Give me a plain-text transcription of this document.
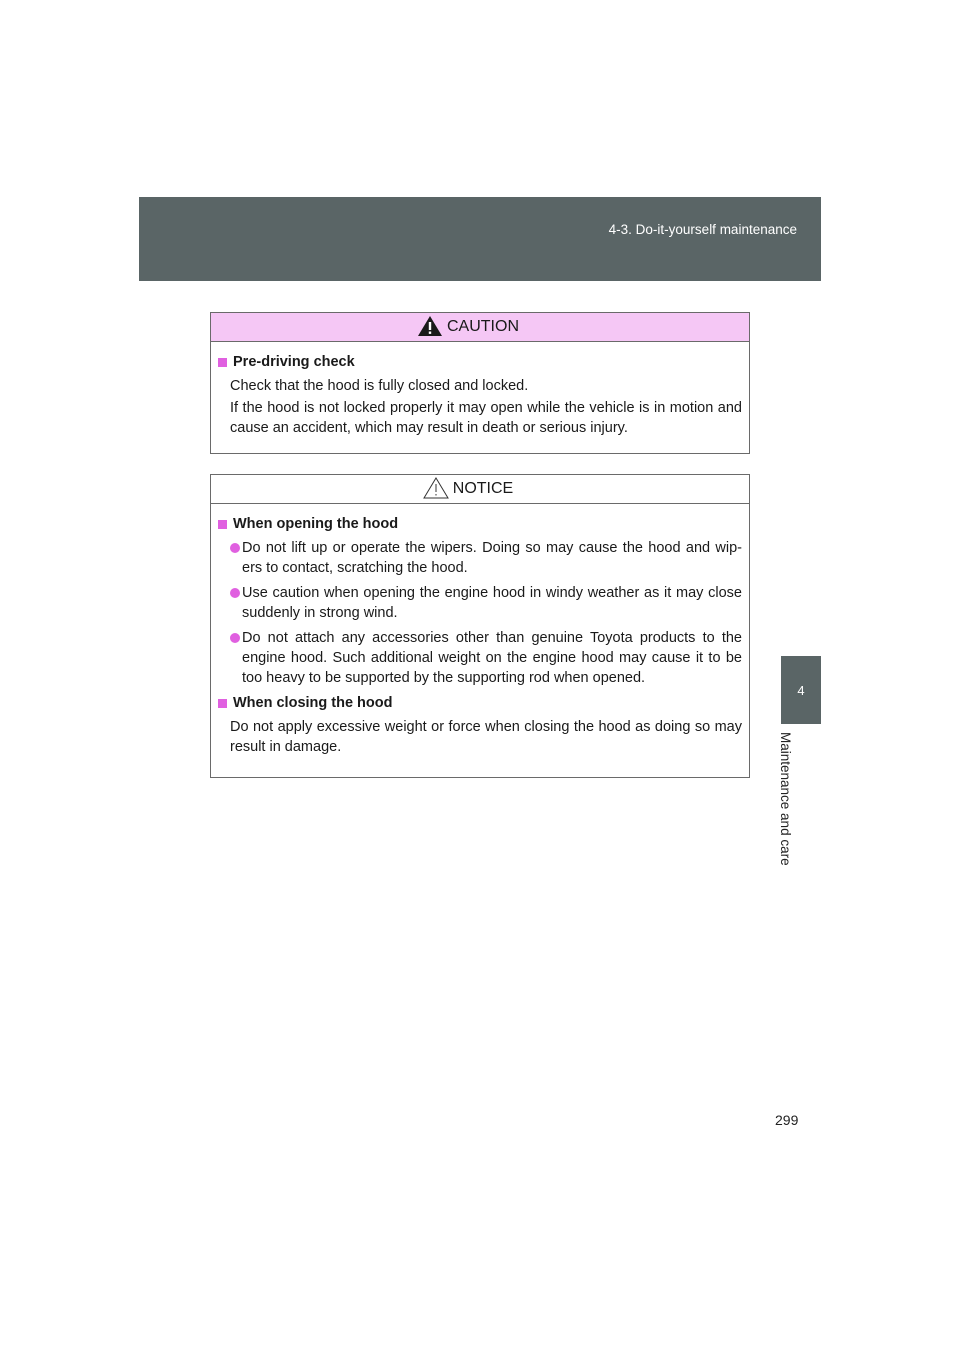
4-3. Do-it-yourself maintenance
4
Maintenance and care
CAUTION
Pre-driving check
Check that the hood is fully closed and locked.
If the hood is not locked properly it may open while the vehicle is in motion and cause an accident, which may result in death or serious injury.
NOTICE
When opening the hood
Do not lift up or operate the wipers. Doing so may cause the hood and wip-ers to contact, scratching the hood.
Use caution when opening the engine hood in windy weather as it may close suddenly in strong wind.
Do not attach any accessories other than genuine Toyota products to the engine hood. Such additional weight on the engine hood may cause it to be too heavy to be supported by the supporting rod when opened.
When closing the hood
Do not apply excessive weight or force when closing the hood as doing so may result in damage.
299
